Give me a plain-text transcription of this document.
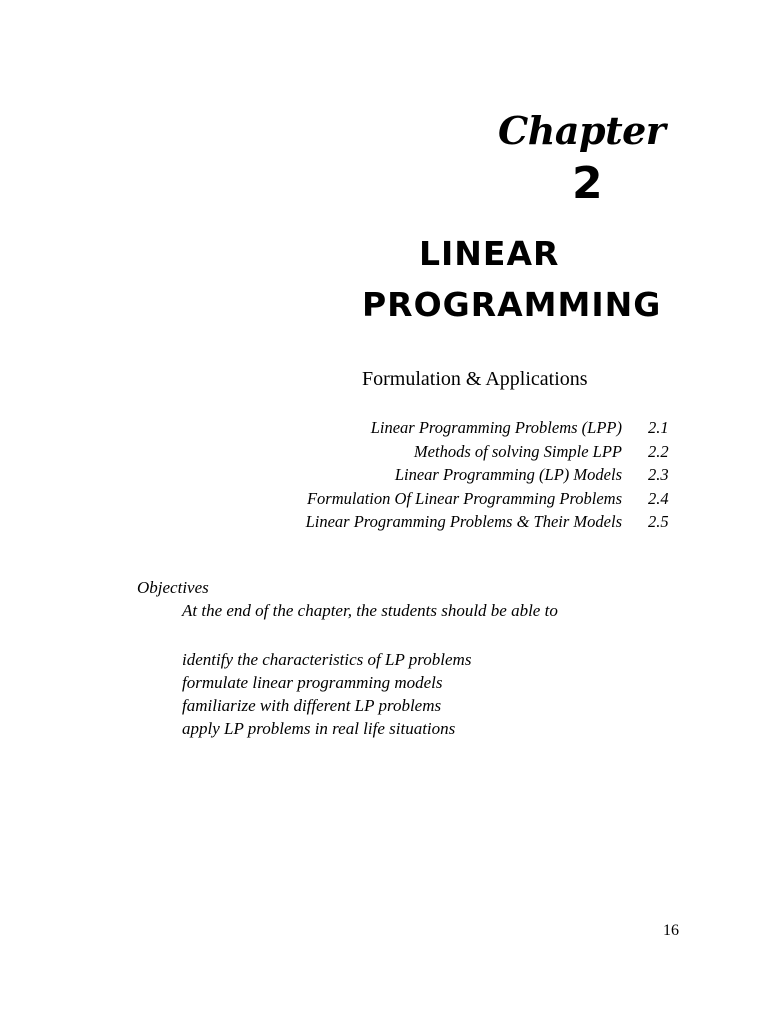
Chapter
2
LINEAR
PROGRAMMING
Formulation & Applications
Linear Programming Problems (LPP)	2.1
Methods of solving Simple LPP	2.2
Linear Programming (LP) Models	2.3
Formulation Of Linear Programming Problems	2.4
Linear Programming Problems & Their Models	2.5
Objectives
At the end of the chapter, the students should be able to
identify the characteristics of LP problems
formulate linear programming models
familiarize with different LP problems
apply LP problems in real life situations
16
